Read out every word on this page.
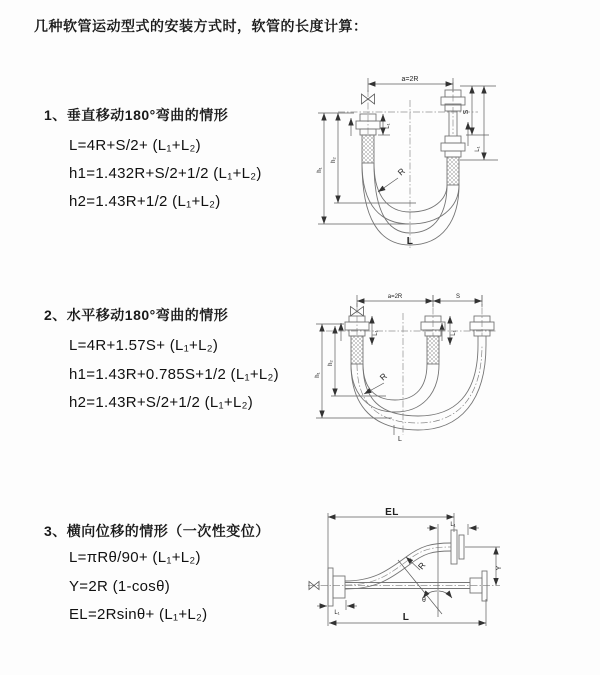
几种软管运动型式的安装方式时，软管的长度计算：
1、垂直移动180°弯曲的情形
L=4R+S/2+ (L₁+L₂)
h1=1.432R+S/2+1/2 (L₁+L₂)
h2=1.43R+1/2 (L₁+L₂)
2、水平移动180°弯曲的情形
L=4R+1.57S+ (L₁+L₂)
h1=1.43R+0.785S+1/2 (L₁+L₂)
h2=1.43R+S/2+1/2 (L₁+L₂)
3、横向位移的情形（一次性变位）
L=πRθ/90+ (L₁+L₂)
Y=2R (1-cosθ)
EL=2Rsinθ+ (L₁+L₂)
a=2R
S
L₁
L₁
h₂
h₁	R
L
a=2R	S
L₁	L₁
h₂
h₁	R
L
EL
L₁
L₁
Y
R
θ
L
